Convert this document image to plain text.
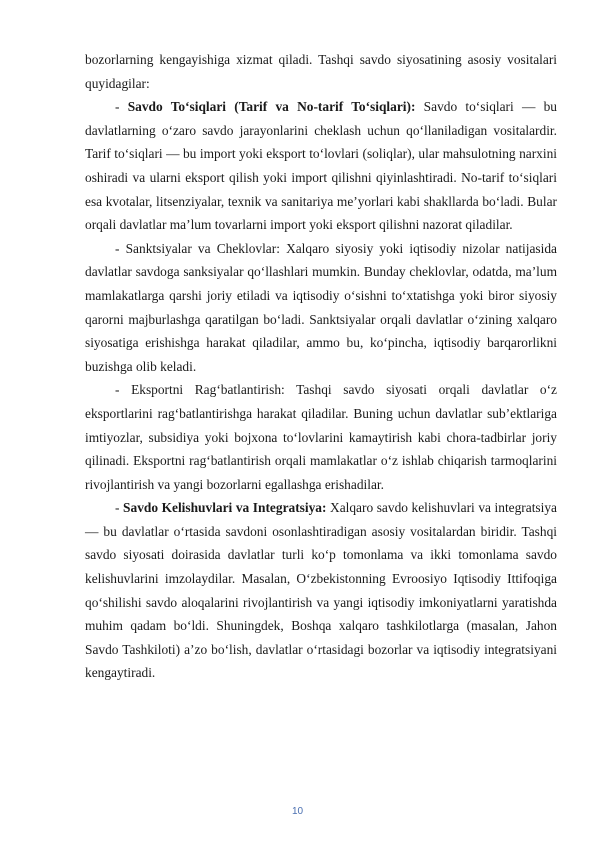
bozorlarning kengayishiga xizmat qiladi. Tashqi savdo siyosatining asosiy vositalari quyidagilar:

- Savdo To‘siqlari (Tarif va No-tarif To‘siqlari): Savdo to‘siqlari — bu davlatlarning o‘zaro savdo jarayonlarini cheklash uchun qo‘llaniladigan vositalardir. Tarif to‘siqlari — bu import yoki eksport to‘lovlari (soliqlar), ular mahsulotning narxini oshiradi va ularni eksport qilish yoki import qilishni qiyinlashtiradi. No-tarif to‘siqlari esa kvotalar, litsenziyalar, texnik va sanitariya me’yorlari kabi shakllarda bo‘ladi. Bular orqali davlatlar ma’lum tovarlarni import yoki eksport qilishni nazorat qiladilar.

- Sanktsiyalar va Cheklovlar: Xalqaro siyosiy yoki iqtisodiy nizolar natijasida davlatlar savdoga sanksiyalar qo‘llashlari mumkin. Bunday cheklovlar, odatda, ma’lum mamlakatlarga qarshi joriy etiladi va iqtisodiy o‘sishni to‘xtatishga yoki biror siyosiy qarorni majburlashga qaratilgan bo‘ladi. Sanktsiyalar orqali davlatlar o‘zining xalqaro siyosatiga erishishga harakat qiladilar, ammo bu, ko‘pincha, iqtisodiy barqarorlikni buzishga olib keladi.

- Eksportni Rag‘batlantirish: Tashqi savdo siyosati orqali davlatlar o‘z eksportlarini rag‘batlantirishga harakat qiladilar. Buning uchun davlatlar sub’ektlariga imtiyozlar, subsidiya yoki bojxona to‘lovlarini kamaytirish kabi chora-tadbirlar joriy qilinadi. Eksportni rag‘batlantirish orqali mamlakatlar o‘z ishlab chiqarish tarmoqlarini rivojlantirish va yangi bozorlarni egallashga erishadilar.

- Savdo Kelishuvlari va Integratsiya: Xalqaro savdo kelishuvlari va integratsiya — bu davlatlar o‘rtasida savdoni osonlashtiradigan asosiy vositalardan biridir. Tashqi savdo siyosati doirasida davlatlar turli ko‘p tomonlama va ikki tomonlama savdo kelishuvlarini imzolaydilar. Masalan, O‘zbekistonning Evroosiyo Iqtisodiy Ittifoqiga qo‘shilishi savdo aloqalarini rivojlantirish va yangi iqtisodiy imkoniyatlarni yaratishda muhim qadam bo‘ldi. Shuningdek, Boshqa xalqaro tashkilotlarga (masalan, Jahon Savdo Tashkiloti) a’zo bo‘lish, davlatlar o‘rtasidagi bozorlar va iqtisodiy integratsiyani kengaytiradi.

10
